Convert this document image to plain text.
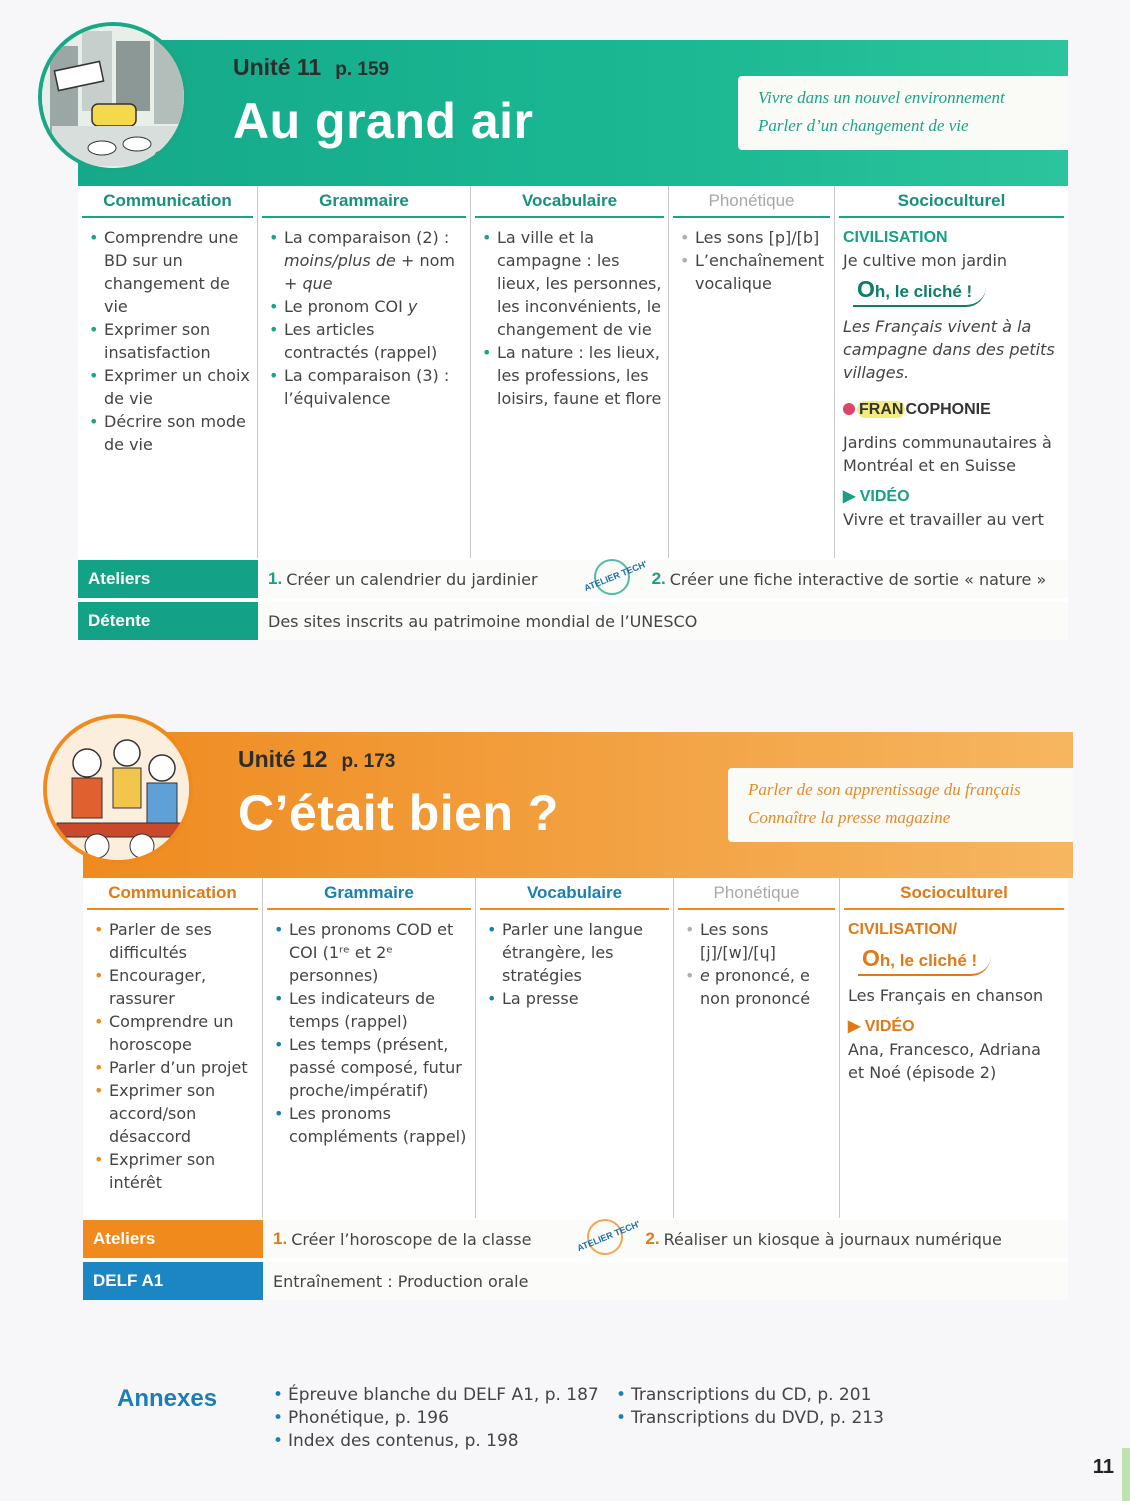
Unité 11 p. 159
Au grand air	Vivre dans un nouvel environnement
Parler d’un changement de vie
Communication
• Comprendre une BD sur un changement de vie
• Exprimer son insatisfaction
• Exprimer un choix de vie
• Décrire son mode de vie
Grammaire
• La comparaison (2) : moins/plus de + nom + que
• Le pronom COI y
• Les articles contractés (rappel)
• La comparaison (3) : l’équivalence
Vocabulaire
• La ville et la campagne : les lieux, les personnes, les inconvénients, le changement de vie
• La nature : les lieux, les professions, les loisirs, faune et flore
Phonétique
• Les sons [p]/[b]
• L’enchaînement vocalique
Socioculturel
CIVILISATION
Je cultive mon jardin
Oh, le cliché !
Les Français vivent à la campagne dans des petits villages.
FRAN COPHONIE
Jardins communautaires à Montréal et en Suisse
▶ VIDÉO
Vivre et travailler au vert
Ateliers	1. Créer un calendrier du jardinier	ATELIER TECH' 2. Créer une fiche interactive de sortie « nature »
Détente	Des sites inscrits au patrimoine mondial de l’UNESCO
Unité 12 p. 173
C’était bien ?	Parler de son apprentissage du français
Connaître la presse magazine
Communication
• Parler de ses difficultés
• Encourager, rassurer
• Comprendre un horoscope
• Parler d’un projet
• Exprimer son accord/son désaccord
• Exprimer son intérêt
Grammaire
• Les pronoms COD et COI (1ʳᵉ et 2ᵉ personnes)
• Les indicateurs de temps (rappel)
• Les temps (présent, passé composé, futur proche/impératif)
• Les pronoms compléments (rappel)
Vocabulaire
• Parler une langue étrangère, les stratégies
• La presse
Phonétique
• Les sons [j]/[w]/[ɥ]
• e prononcé, e non prononcé
Socioculturel
CIVILISATION/
Oh, le cliché !
Les Français en chanson
▶ VIDÉO
Ana, Francesco, Adriana et Noé (épisode 2)
Ateliers	1. Créer l’horoscope de la classe	ATELIER TECH' 2. Réaliser un kiosque à journaux numérique
DELF A1	Entraînement : Production orale
Annexes
•	Épreuve blanche du DELF A1, p. 187
• Phonétique, p. 196
• Index des contenus, p. 198
• Transcriptions du CD, p. 201
• Transcriptions du DVD, p. 213
11
